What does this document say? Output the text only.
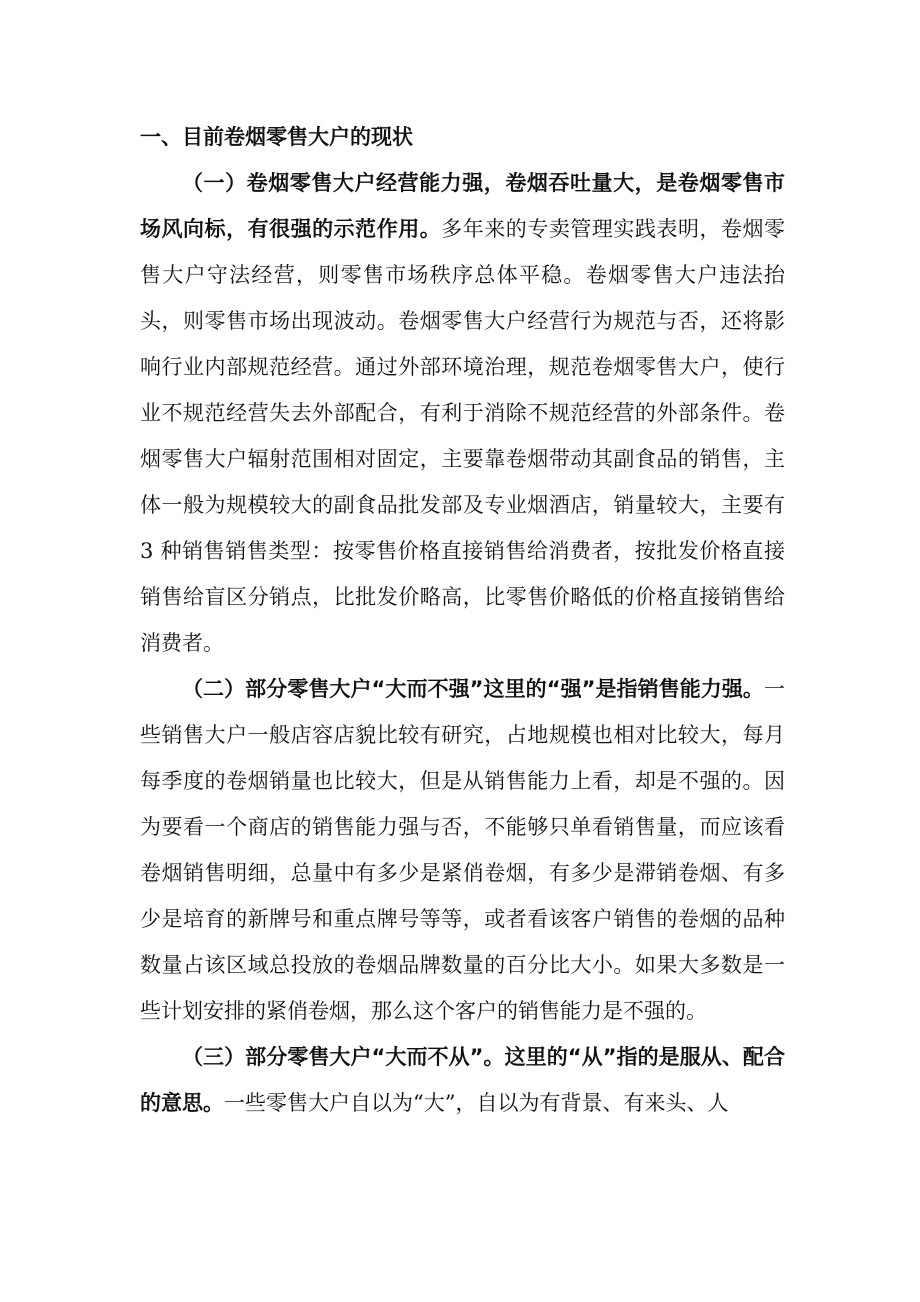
一、目前卷烟零售大户的现状

（一）卷烟零售大户经营能力强，卷烟吞吐量大，是卷烟零售市场风向标，有很强的示范作用。多年来的专卖管理实践表明，卷烟零售大户守法经营，则零售市场秩序总体平稳。卷烟零售大户违法抬头，则零售市场出现波动。卷烟零售大户经营行为规范与否，还将影响行业内部规范经营。通过外部环境治理，规范卷烟零售大户，使行业不规范经营失去外部配合，有利于消除不规范经营的外部条件。卷烟零售大户辐射范围相对固定，主要靠卷烟带动其副食品的销售，主体一般为规模较大的副食品批发部及专业烟酒店，销量较大，主要有 3 种销售销售类型：按零售价格直接销售给消费者，按批发价格直接销售给盲区分销点，比批发价略高，比零售价略低的价格直接销售给消费者。

（二）部分零售大户“大而不强”这里的“强”是指销售能力强。一些销售大户一般店容店貌比较有研究，占地规模也相对比较大，每月每季度的卷烟销量也比较大，但是从销售能力上看，却是不强的。因为要看一个商店的销售能力强与否，不能够只单看销售量，而应该看卷烟销售明细，总量中有多少是紧俏卷烟，有多少是滞销卷烟、有多少是培育的新牌号和重点牌号等等，或者看该客户销售的卷烟的品种数量占该区域总投放的卷烟品牌数量的百分比大小。如果大多数是一些计划安排的紧俏卷烟，那么这个客户的销售能力是不强的。

（三）部分零售大户“大而不从”。这里的“从”指的是服从、配合的意思。一些零售大户自以为“大”，自以为有背景、有来头、人
